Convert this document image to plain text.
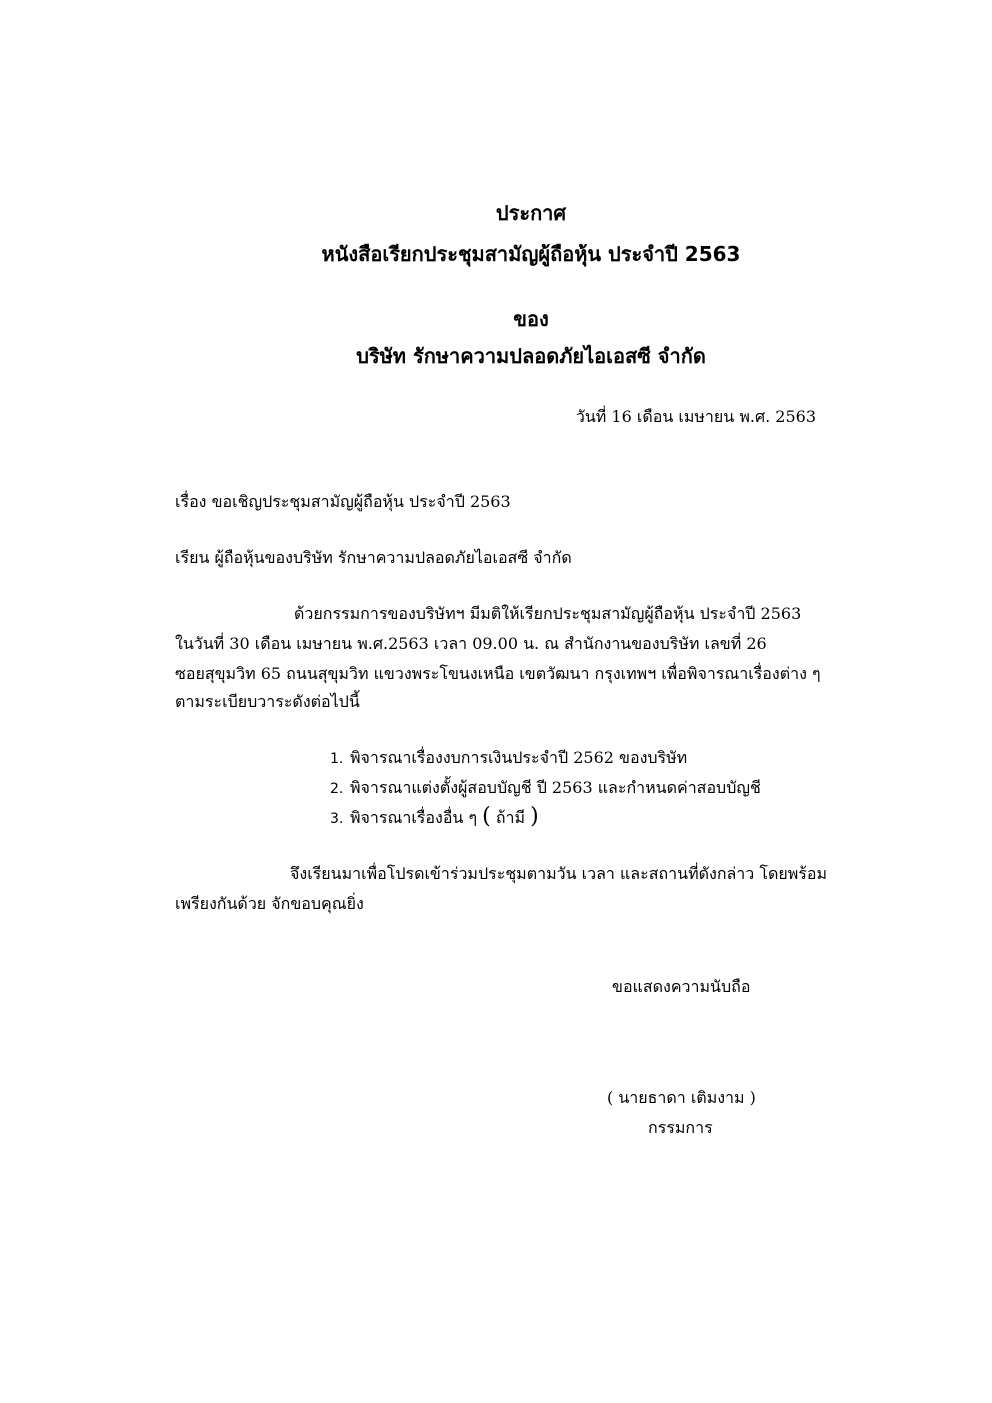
ประกาศ

หนังสือเรียกประชุมสามัญผู้ถือหุ้น ประจำปี 2563

ของ

บริษัท รักษาความปลอดภัยไอเอสซี จำกัด

วันที่ 16 เดือน เมษายน พ.ศ. 2563

เรื่อง ขอเชิญประชุมสามัญผู้ถือหุ้น ประจำปี 2563

เรียน ผู้ถือหุ้นของบริษัท รักษาความปลอดภัยไอเอสซี จำกัด

ด้วยกรรมการของบริษัทฯ มีมติให้เรียกประชุมสามัญผู้ถือหุ้น ประจำปี 2563

ในวันที่ 30 เดือน เมษายน พ.ศ.2563 เวลา 09.00 น. ณ สำนักงานของบริษัท เลขที่ 26

ซอยสุขุมวิท 65 ถนนสุขุมวิท แขวงพระโขนงเหนือ เขตวัฒนา กรุงเทพฯ เพื่อพิจารณาเรื่องต่าง ๆ

ตามระเบียบวาระดังต่อไปนี้

1. พิจารณาเรื่องงบการเงินประจำปี 2562 ของบริษัท

2. พิจารณาแต่งตั้งผู้สอบบัญชี ปี 2563 และกำหนดค่าสอบบัญชี

3. พิจารณาเรื่องอื่น ๆ ( ถ้ามี )

จึงเรียนมาเพื่อโปรดเข้าร่วมประชุมตามวัน เวลา และสถานที่ดังกล่าว โดยพร้อม

เพรียงกันด้วย จักขอบคุณยิ่ง

ขอแสดงความนับถือ

( นายธาดา เติมงาม )

กรรมการ
